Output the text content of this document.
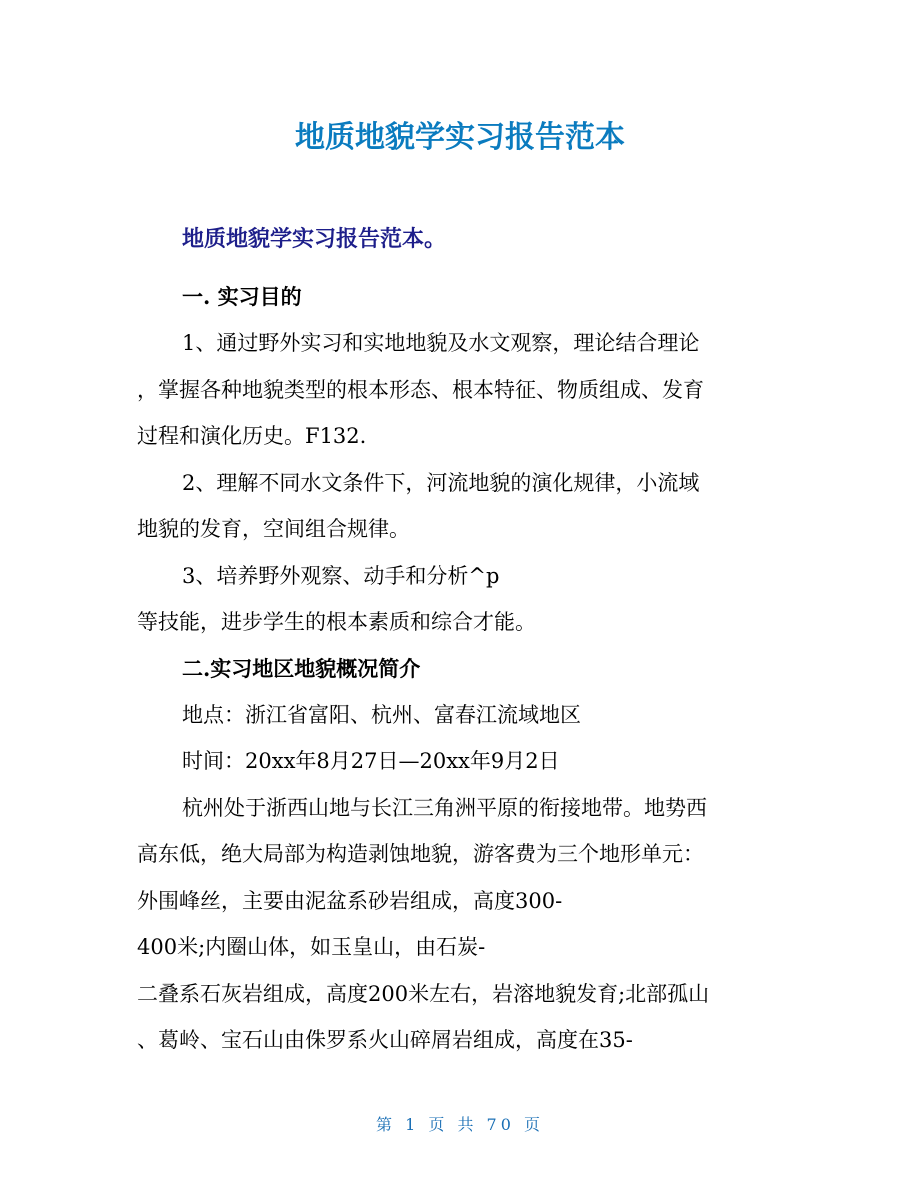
地质地貌学实习报告范本
地质地貌学实习报告范本。

一. 实习目的

1、通过野外实习和实地地貌及水文观察，理论结合理论

，掌握各种地貌类型的根本形态、根本特征、物质组成、发育

过程和演化历史。F132.

2、理解不同水文条件下，河流地貌的演化规律，小流域

地貌的发育，空间组合规律。

3、培养野外观察、动手和分析^p

等技能，进步学生的根本素质和综合才能。

二.实习地区地貌概况简介

地点：浙江省富阳、杭州、富春江流域地区

时间：20xx年8月27日—20xx年9月2日

杭州处于浙西山地与长江三角洲平原的衔接地带。地势西

高东低，绝大局部为构造剥蚀地貌，游客费为三个地形单元：

外围峰丝，主要由泥盆系砂岩组成，高度300-

400米;内圈山体，如玉皇山，由石炭-

二叠系石灰岩组成，高度200米左右，岩溶地貌发育;北部孤山

、葛岭、宝石山由侏罗系火山碎屑岩组成，高度在35-

第 1 页 共 70 页
